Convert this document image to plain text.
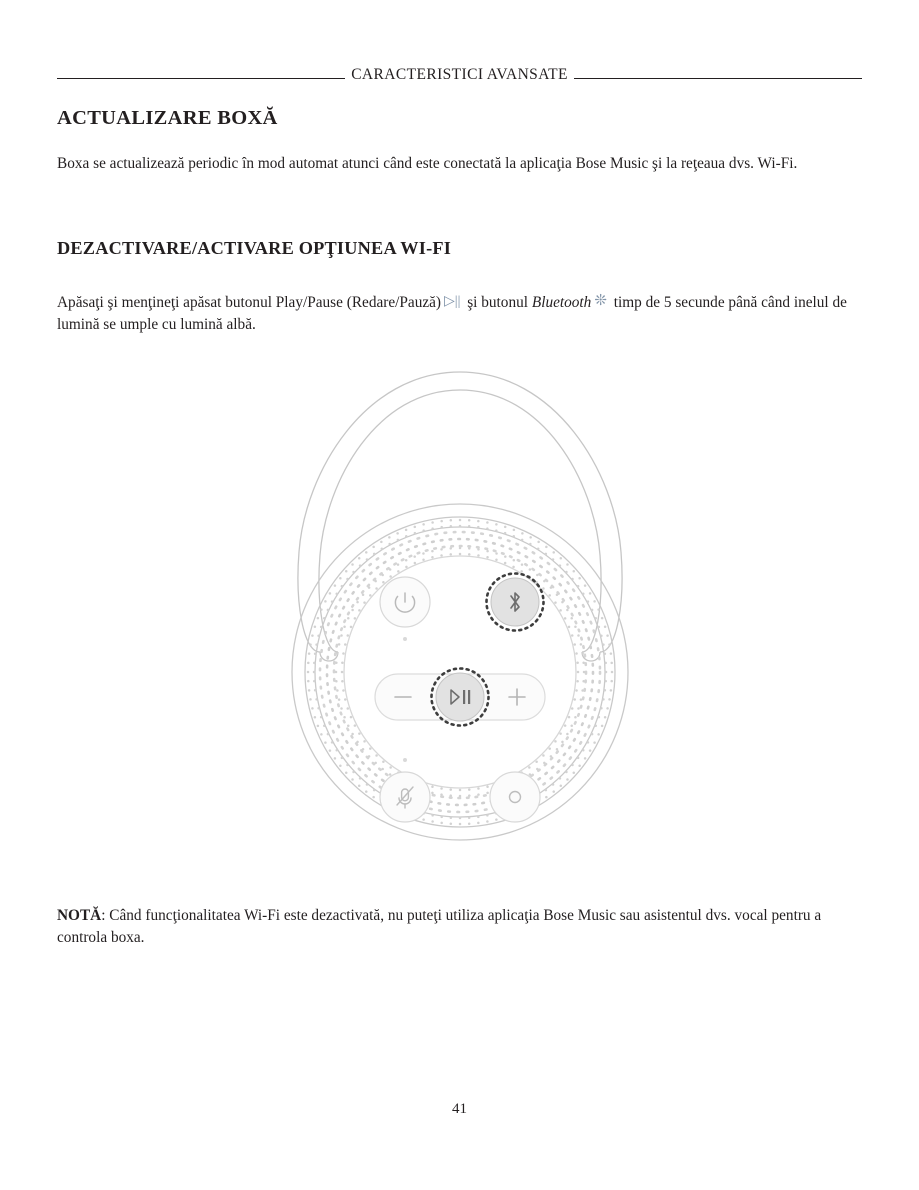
CARACTERISTICI AVANSATE
ACTUALIZARE BOXĂ

Boxa se actualizează periodic în mod automat atunci când este conectată la aplicaţia Bose Music şi la reţeaua dvs. Wi-Fi.

DEZACTIVARE/ACTIVARE OPŢIUNEA WI-FI

Apăsaţi şi menţineţi apăsat butonul Play/Pause (Redare/Pauză) ▷|| şi butonul Bluetooth ❊ timp de 5 secunde până când inelul de lumină se umple cu lumină albă.

NOTĂ: Când funcţionalitatea Wi-Fi este dezactivată, nu puteţi utiliza aplicaţia Bose Music sau asistentul dvs. vocal pentru a controla boxa.

41
